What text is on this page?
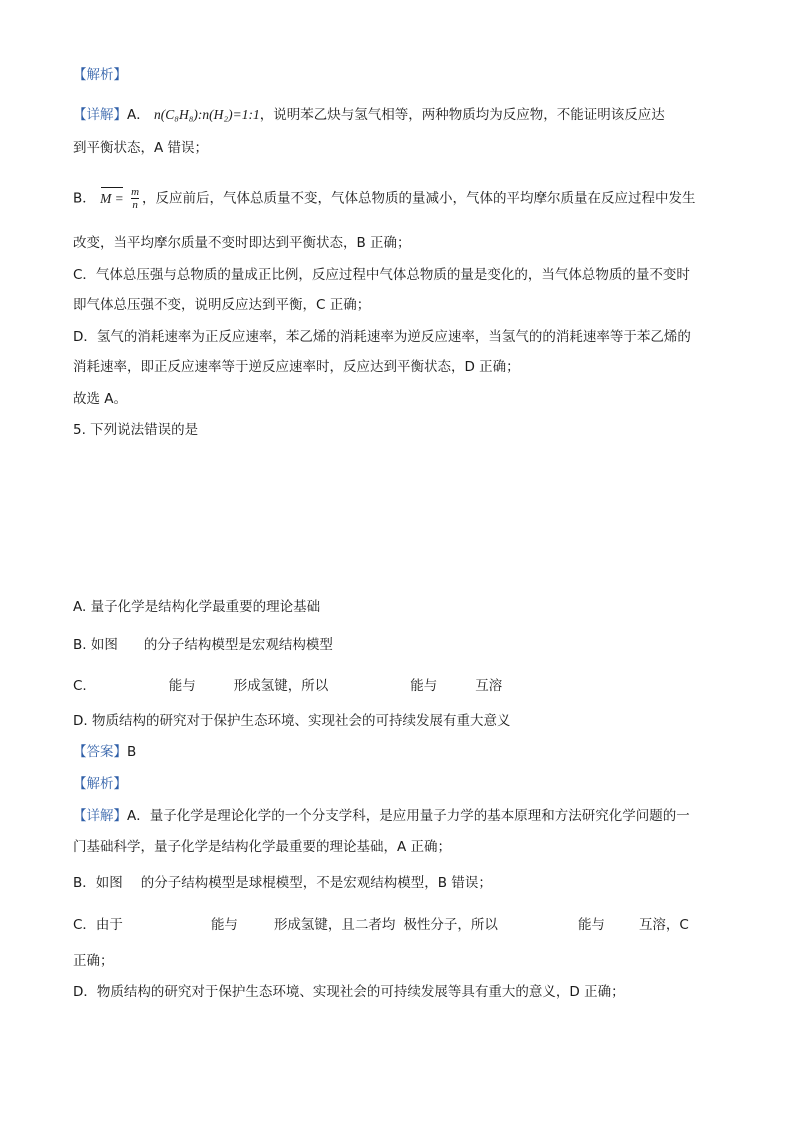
【解析】
【详解】A． n(C₈H₈):n(H₂)=1:1，说明苯乙炔与氢气相等，两种物质均为反应物，不能证明该反应达
到平衡状态，A 错误；
B． $M = \frac{m}{n}$ ，反应前后，气体总质量不变，气体总物质的量减小，气体的平均摩尔质量在反应过程中发生
改变，当平均摩尔质量不变时即达到平衡状态，B 正确；
C．气体总压强与总物质的量成正比例，反应过程中气体总物质的量是变化的，当气体总物质的量不变时
即气体总压强不变，说明反应达到平衡，C 正确；
D．氢气的消耗速率为正反应速率，苯乙烯的消耗速率为逆反应速率，当氢气的的消耗速率等于苯乙烯的
消耗速率，即正反应速率等于逆反应速率时，反应达到平衡状态，D 正确；
故选 A。
5. 下列说法错误的是
A. 量子化学是结构化学最重要的理论基础
B. 如图 的分子结构模型是宏观结构模型
C.	能与	形成氢键，所以	能与	互溶
D. 物质结构的研究对于保护生态环境、实现社会的可持续发展有重大意义
【答案】B
【解析】
【详解】A．量子化学是理论化学的一个分支学科，是应用量子力学的基本原理和方法研究化学问题的一
门基础科学，量子化学是结构化学最重要的理论基础，A 正确；
B．如图 的分子结构模型是球棍模型，不是宏观结构模型，B 错误；
C．由于	能与	形成氢键，且二者均 极性分子，所以	能与	互溶，C
正确；
D．物质结构的研究对于保护生态环境、实现社会的可持续发展等具有重大的意义，D 正确；
